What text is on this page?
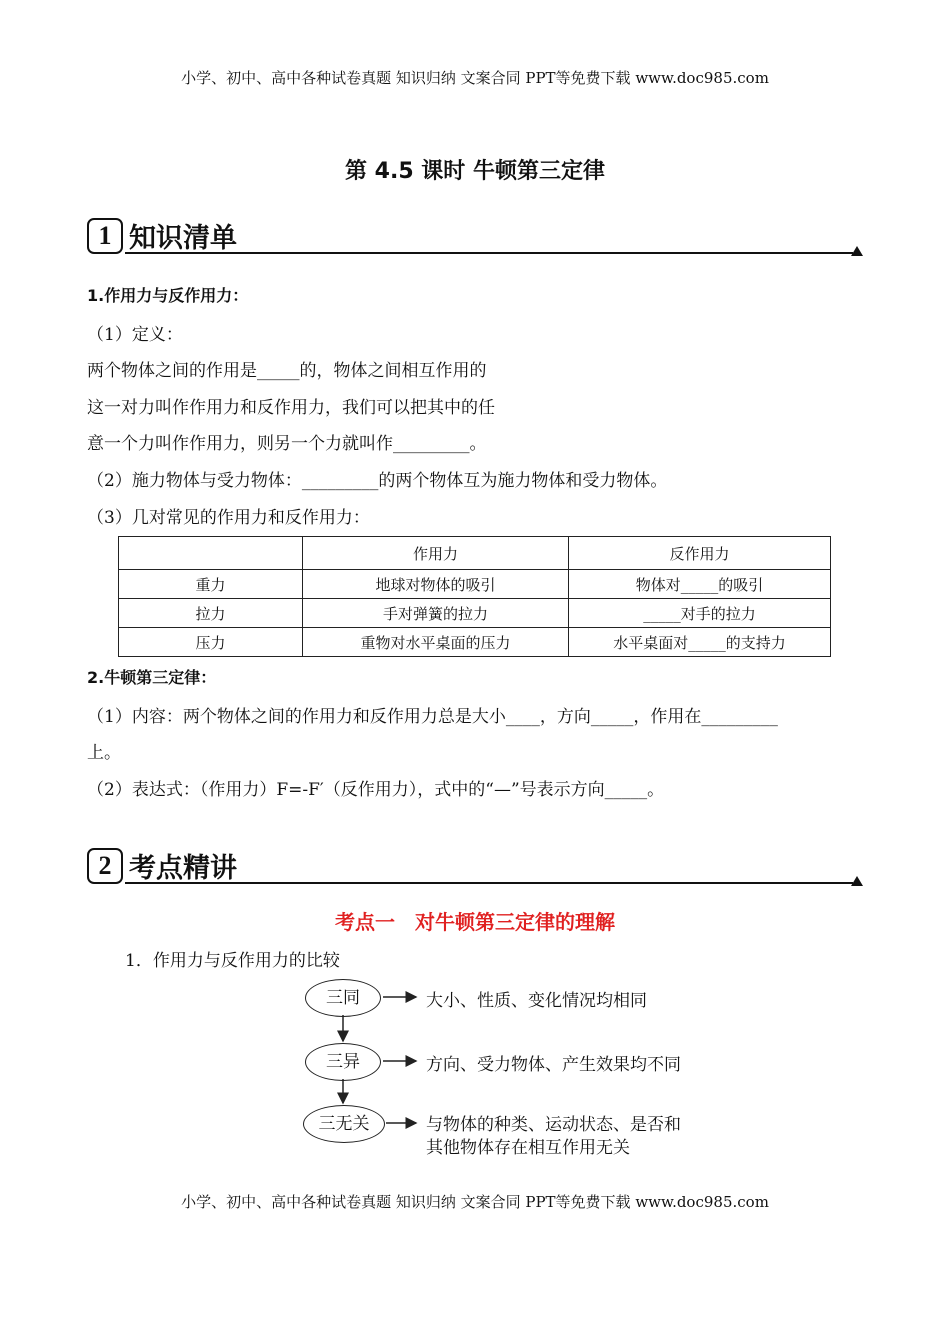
小学、初中、高中各种试卷真题 知识归纳 文案合同 PPT等免费下载 www.doc985.com
第 4.5 课时 牛顿第三定律
1 知识清单
1.作用力与反作用力：
（1）定义：
两个物体之间的作用是_____的，物体之间相互作用的
这一对力叫作作用力和反作用力，我们可以把其中的任
意一个力叫作作用力，则另一个力就叫作_________。
（2）施力物体与受力物体：_________的两个物体互为施力物体和受力物体。
（3）几对常见的作用力和反作用力：
	作用力	反作用力
重力	地球对物体的吸引	物体对_____的吸引
拉力	手对弹簧的拉力	_____对手的拉力
压力	重物对水平桌面的压力	水平桌面对_____的支持力
2.牛顿第三定律：
（1）内容：两个物体之间的作用力和反作用力总是大小____，方向_____，作用在_________
上。
（2）表达式：（作用力）F=-F′（反作用力），式中的“—”号表示方向_____。
2 考点精讲
考点一　对牛顿第三定律的理解
1．作用力与反作用力的比较
三同
三异
三无关
大小、性质、变化情况均相同
方向、受力物体、产生效果均不同
与物体的种类、运动状态、是否和
其他物体存在相互作用无关
小学、初中、高中各种试卷真题 知识归纳 文案合同 PPT等免费下载 www.doc985.com
